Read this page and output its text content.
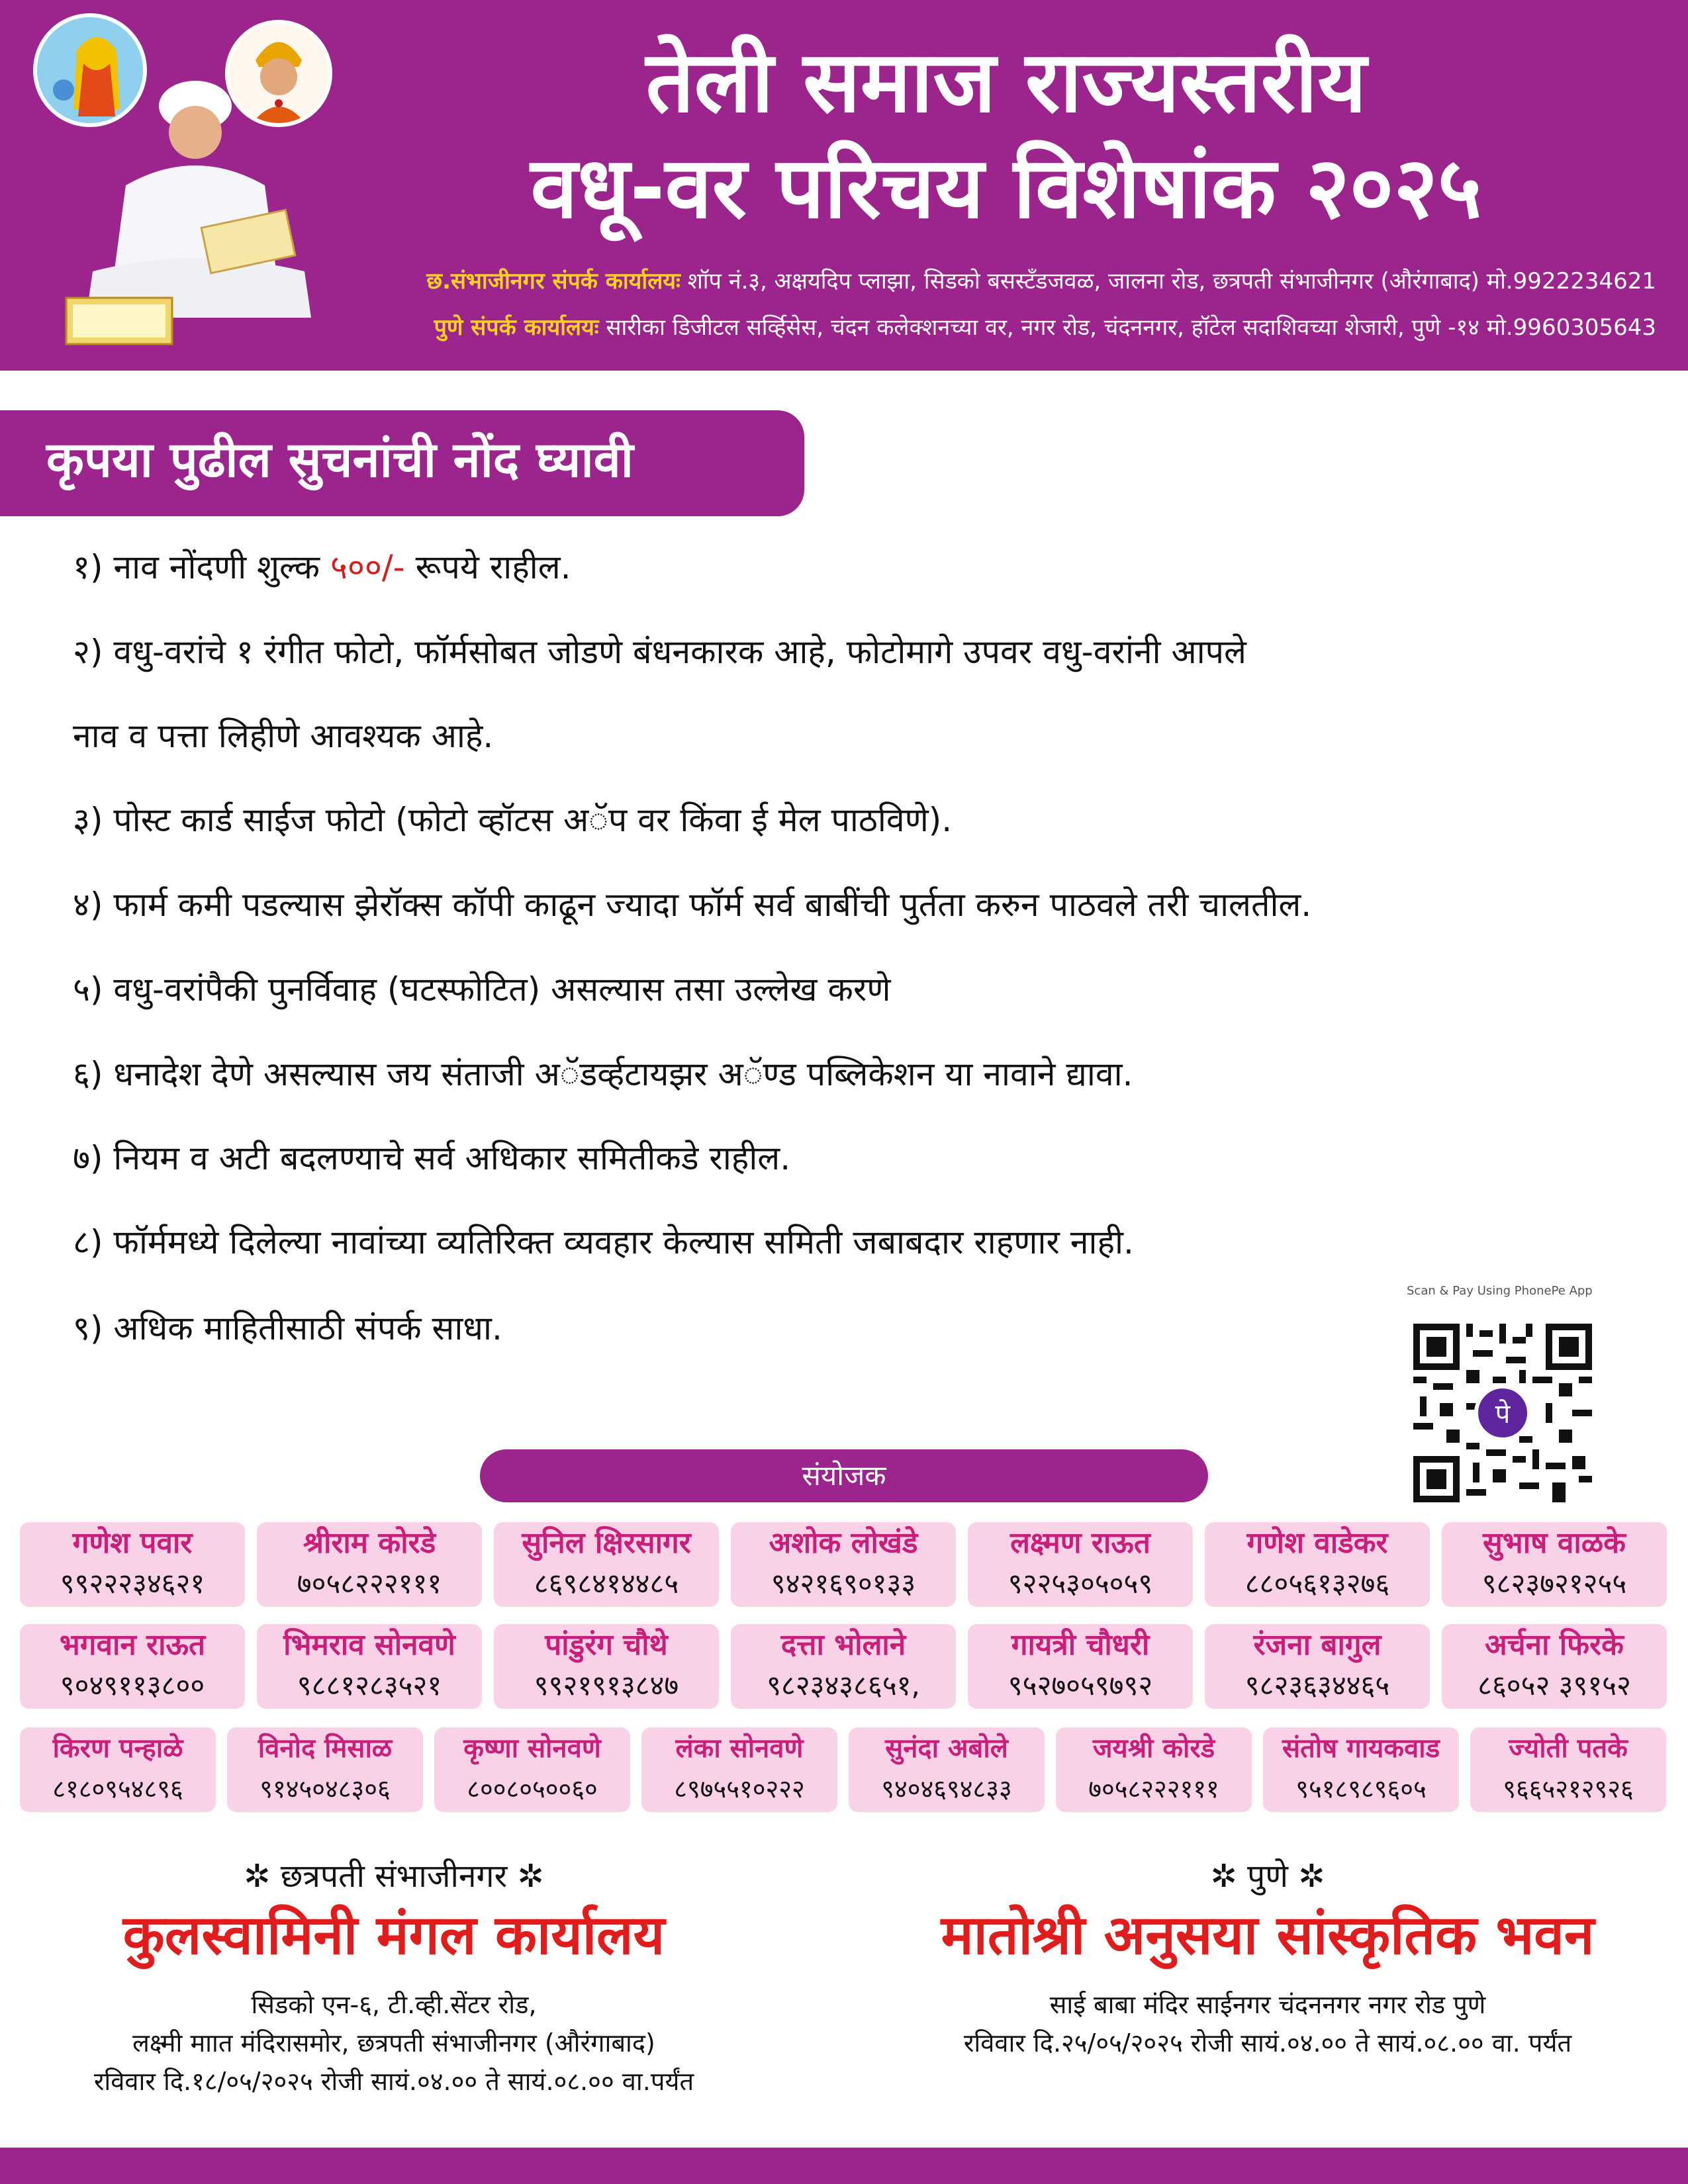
तेली समाज राज्यस्तरीय
वधू-वर परिचय विशेषांक २०२५
छ.संभाजीनगर संपर्क कार्यालयः शॉप नं.३, अक्षयदिप प्लाझा, सिडको बसस्टँडजवळ, जालना रोड, छत्रपती संभाजीनगर (औरंगाबाद) मो.9922234621
पुणे संपर्क कार्यालयः सारीका डिजीटल सर्व्हिसेस, चंदन कलेक्शनच्या वर, नगर रोड, चंदननगर, हॉटेल सदाशिवच्या शेजारी, पुणे -१४ मो.9960305643
कृपया पुढील सुचनांची नोंद घ्यावी
१) नाव नोंदणी शुल्क ५००/- रूपये राहील.
२) वधु-वरांचे १ रंगीत फोटो, फॉर्मसोबत जोडणे बंधनकारक आहे, फोटोमागे उपवर वधु-वरांनी आपले
नाव व पत्ता लिहीणे आवश्यक आहे.
३) पोस्ट कार्ड साईज फोटो (फोटो व्हॉटस अॅप वर किंवा ई मेल पाठविणे).
४) फार्म कमी पडल्यास झेरॉक्स कॉपी काढून ज्यादा फॉर्म सर्व बाबींची पुर्तता करुन पाठवले तरी चालतील.
५) वधु-वरांपैकी पुनर्विवाह (घटस्फोटित) असल्यास तसा उल्लेख करणे
६) धनादेश देणे असल्यास जय संताजी अॅडर्व्हटायझर अॅण्ड पब्लिकेशन या नावाने द्यावा.
७) नियम व अटी बदलण्याचे सर्व अधिकार समितीकडे राहील.
८) फॉर्ममध्ये दिलेल्या नावांच्या व्यतिरिक्त व्यवहार केल्यास समिती जबाबदार राहणार नाही.
९) अधिक माहितीसाठी संपर्क साधा.
Scan & Pay Using PhonePe App
पे
संयोजक
गणेश पवार
९९२२२३४६२१
श्रीराम कोरडे
७०५८२२२१११
सुनिल क्षिरसागर
८६९८४१४४८५
अशोक लोखंडे
९४२१६९०१३३
लक्ष्मण राऊत
९२२५३०५०५९
गणेश वाडेकर
८८०५६१३२७६
सुभाष वाळके
९८२३७२१२५५
भगवान राऊत
९०४९११३८००
भिमराव सोनवणे
९८८१२८३५२१
पांडुरंग चौथे
९९२१९१३८४७
दत्ता भोलाने
९८२३४३८६५१,
गायत्री चौधरी
९५२७०५९७९२
रंजना बागुल
९८२३६३४४६५
अर्चना फिरके
८६०५२ ३९१५२
किरण पन्हाळे
८१८०९५४८९६
विनोद मिसाळ
९१४५०४८३०६
कृष्णा सोनवणे
८००८०५००६०
लंका सोनवणे
८९७५५१०२२२
सुनंदा अबोले
९४०४६९४८३३
जयश्री कोरडे
७०५८२२२१११
संतोष गायकवाड
९५१८९८९६०५
ज्योती पतके
९६६५२१२९२६
✲ छत्रपती संभाजीनगर ✲
कुलस्वामिनी मंगल कार्यालय
सिडको एन-६, टी.व्ही.सेंटर रोड,
लक्ष्मी माात मंदिरासमोर, छत्रपती संभाजीनगर (औरंगाबाद)
रविवार दि.१८/०५/२०२५ रोजी सायं.०४.०० ते सायं.०८.०० वा.पर्यंत
✲ पुणे ✲
मातोश्री अनुसया सांस्कृतिक भवन
साई बाबा मंदिर साईनगर चंदननगर नगर रोड पुणे
रविवार दि.२५/०५/२०२५ रोजी सायं.०४.०० ते सायं.०८.०० वा. पर्यंत
